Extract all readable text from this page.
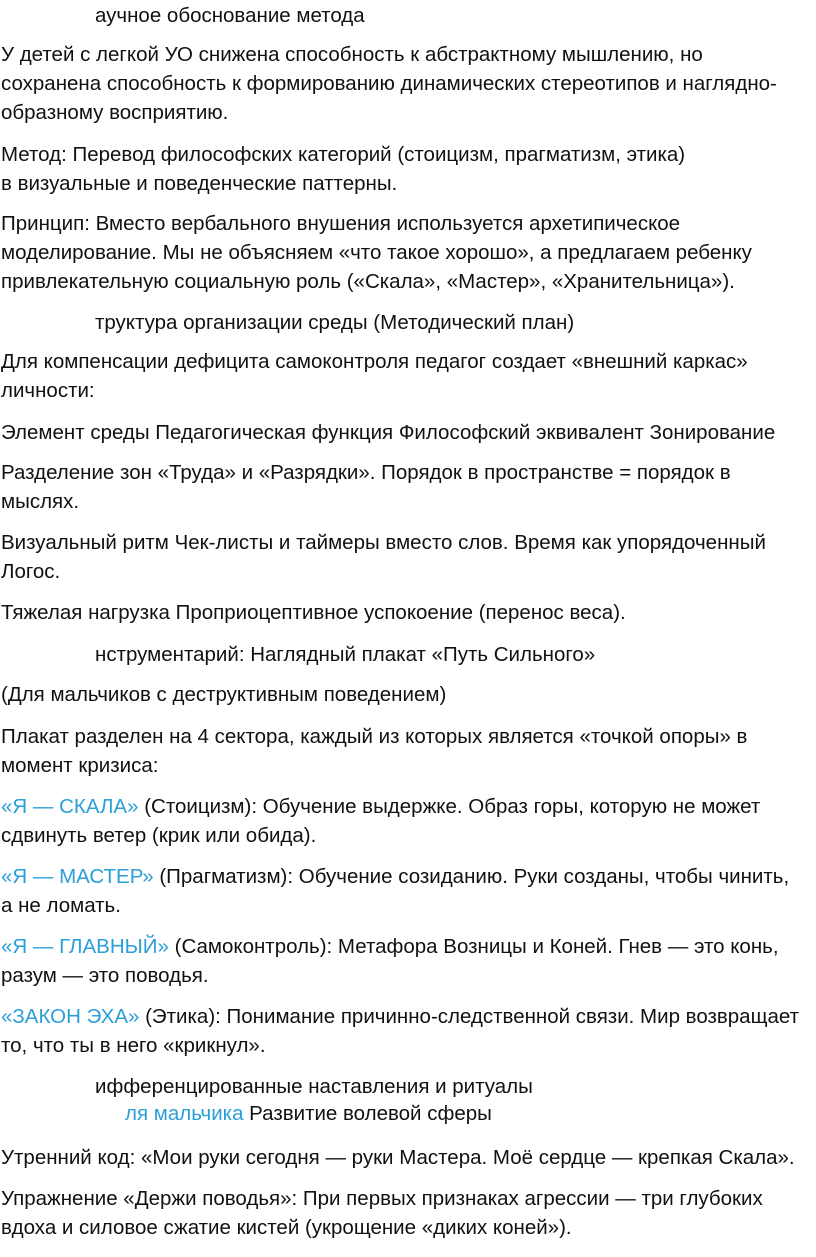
аучное обоснование метода

У детей с легкой УО снижена способность к абстрактному мышлению, но

сохранена способность к формированию динамических стереотипов и наглядно-

образному восприятию.

Метод: Перевод философских категорий (стоицизм, прагматизм, этика)

в визуальные и поведенческие паттерны.

Принцип: Вместо вербального внушения используется архетипическое

моделирование. Мы не объясняем «что такое хорошо», а предлагаем ребенку

привлекательную социальную роль («Скала», «Мастер», «Хранительница»).

труктура организации среды (Методический план)

Для компенсации дефицита самоконтроля педагог создает «внешний каркас»

личности:

Элемент среды Педагогическая функция Философский эквивалент Зонирование

Разделение зон «Труда» и «Разрядки». Порядок в пространстве = порядок в

мыслях.

Визуальный ритм Чек-листы и таймеры вместо слов. Время как упорядоченный

Логос.

Тяжелая нагрузка Проприоцептивное успокоение (перенос веса).

нструментарий: Наглядный плакат «Путь Сильного»

(Для мальчиков с деструктивным поведением)

Плакат разделен на 4 сектора, каждый из которых является «точкой опоры» в

момент кризиса:

«Я — СКАЛА» (Стоицизм): Обучение выдержке. Образ горы, которую не может

сдвинуть ветер (крик или обида).

«Я — МАСТЕР» (Прагматизм): Обучение созиданию. Руки созданы, чтобы чинить,

а не ломать.

«Я — ГЛАВНЫЙ» (Самоконтроль): Метафора Возницы и Коней. Гнев — это конь,

разум — это поводья.

«ЗАКОН ЭХА» (Этика): Понимание причинно-следственной связи. Мир возвращает

то, что ты в него «крикнул».

ифференцированные наставления и ритуалы

ля мальчика Развитие волевой сферы

Утренний код: «Мои руки сегодня — руки Мастера. Моё сердце — крепкая Скала».

Упражнение «Держи поводья»: При первых признаках агрессии — три глубоких

вдоха и силовое сжатие кистей (укрощение «диких коней»).
